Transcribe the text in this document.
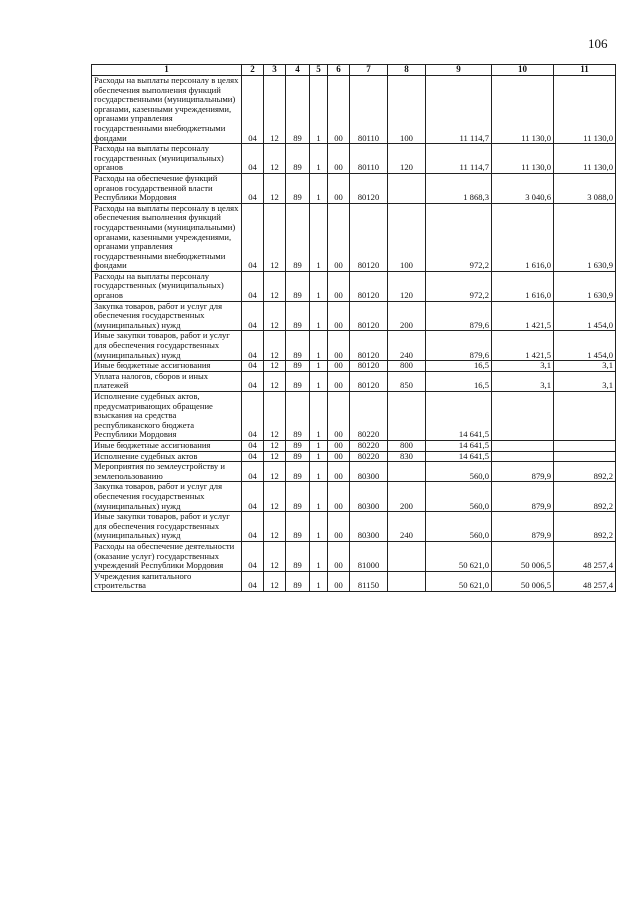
106
1	2	3	4	5	6	7	8	9	10	11
Расходы на выплаты персоналу в целях обеспечения выполнения функций государственными (муниципальными) органами, казенными учреждениями, органами управления государственными внебюджетными фондами	04	12	89	1	00	80110	100	11 114,7	11 130,0	11 130,0
Расходы на выплаты персоналу государственных (муниципальных) органов	04	12	89	1	00	80110	120	11 114,7	11 130,0	11 130,0
Расходы на обеспечение функций органов государственной власти Республики Мордовия	04	12	89	1	00	80120		1 868,3	3 040,6	3 088,0
Расходы на выплаты персоналу в целях обеспечения выполнения функций государственными (муниципальными) органами, казенными учреждениями, органами управления государственными внебюджетными фондами	04	12	89	1	00	80120	100	972,2	1 616,0	1 630,9
Расходы на выплаты персоналу государственных (муниципальных) органов	04	12	89	1	00	80120	120	972,2	1 616,0	1 630,9
Закупка товаров, работ и услуг для обеспечения государственных (муниципальных) нужд	04	12	89	1	00	80120	200	879,6	1 421,5	1 454,0
Иные закупки товаров, работ и услуг для обеспечения государственных (муниципальных) нужд	04	12	89	1	00	80120	240	879,6	1 421,5	1 454,0
Иные бюджетные ассигнования	04	12	89	1	00	80120	800	16,5	3,1	3,1
Уплата налогов, сборов и иных платежей	04	12	89	1	00	80120	850	16,5	3,1	3,1
Исполнение судебных актов, предусматривающих обращение взыскания на средства республиканского бюджета Республики Мордовия	04	12	89	1	00	80220		14 641,5		
Иные бюджетные ассигнования	04	12	89	1	00	80220	800	14 641,5		
Исполнение судебных актов	04	12	89	1	00	80220	830	14 641,5		
Мероприятия по землеустройству и землепользованию	04	12	89	1	00	80300		560,0	879,9	892,2
Закупка товаров, работ и услуг для обеспечения государственных (муниципальных) нужд	04	12	89	1	00	80300	200	560,0	879,9	892,2
Иные закупки товаров, работ и услуг для обеспечения государственных (муниципальных) нужд	04	12	89	1	00	80300	240	560,0	879,9	892,2
Расходы на обеспечение деятельности (оказание услуг) государственных учреждений Республики Мордовия	04	12	89	1	00	81000		50 621,0	50 006,5	48 257,4
Учреждения капитального строительства	04	12	89	1	00	81150		50 621,0	50 006,5	48 257,4
